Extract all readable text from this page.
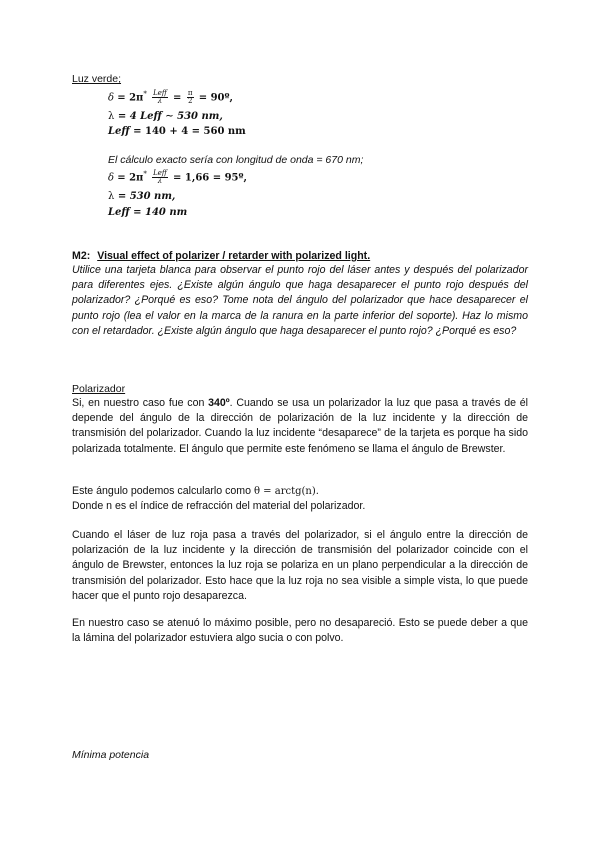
Luz verde;
$\delta = 2\pi^* \frac{\text{Leff}}{\lambda} = \frac{\pi}{2}$ = 90º,
λ = 4 Leff ∼ 530 nm,
Leff = 140 + 4 = 560 nm
El cálculo exacto sería con longitud de onda = 670 nm;
$\delta = 2\pi^* \frac{\text{Leff}}{\lambda} = 1,66$ = 95º,
λ = 530 nm,
Leff = 140 nm
M2: Visual effect of polarizer / retarder with polarized light.
Utilice una tarjeta blanca para observar el punto rojo del láser antes y después del polarizador para diferentes ejes. ¿Existe algún ángulo que haga desaparecer el punto rojo después del polarizador? ¿Porqué es eso? Tome nota del ángulo del polarizador que hace desaparecer el punto rojo (lea el valor en la marca de la ranura en la parte inferior del soporte). Haz lo mismo con el retardador. ¿Existe algún ángulo que haga desaparecer el punto rojo? ¿Porqué es eso?
Polarizador
Si, en nuestro caso fue con 340º. Cuando se usa un polarizador la luz que pasa a través de él depende del ángulo de la dirección de polarización de la luz incidente y la dirección de transmisión del polarizador. Cuando la luz incidente “desaparece” de la tarjeta es porque ha sido polarizada totalmente. El ángulo que permite este fenómeno se llama el ángulo de Brewster.
Este ángulo podemos calcularlo como θ = arctg(n).
Donde n es el índice de refracción del material del polarizador.
Cuando el láser de luz roja pasa a través del polarizador, si el ángulo entre la dirección de polarización de la luz incidente y la dirección de transmisión del polarizador coincide con el ángulo de Brewster, entonces la luz roja se polariza en un plano perpendicular a la dirección de transmisión del polarizador. Esto hace que la luz roja no sea visible a simple vista, lo que puede hacer que el punto rojo desaparezca.
En nuestro caso se atenuó lo máximo posible, pero no desapareció. Esto se puede deber a que la lámina del polarizador estuviera algo sucia o con polvo.
Mínima potencia
